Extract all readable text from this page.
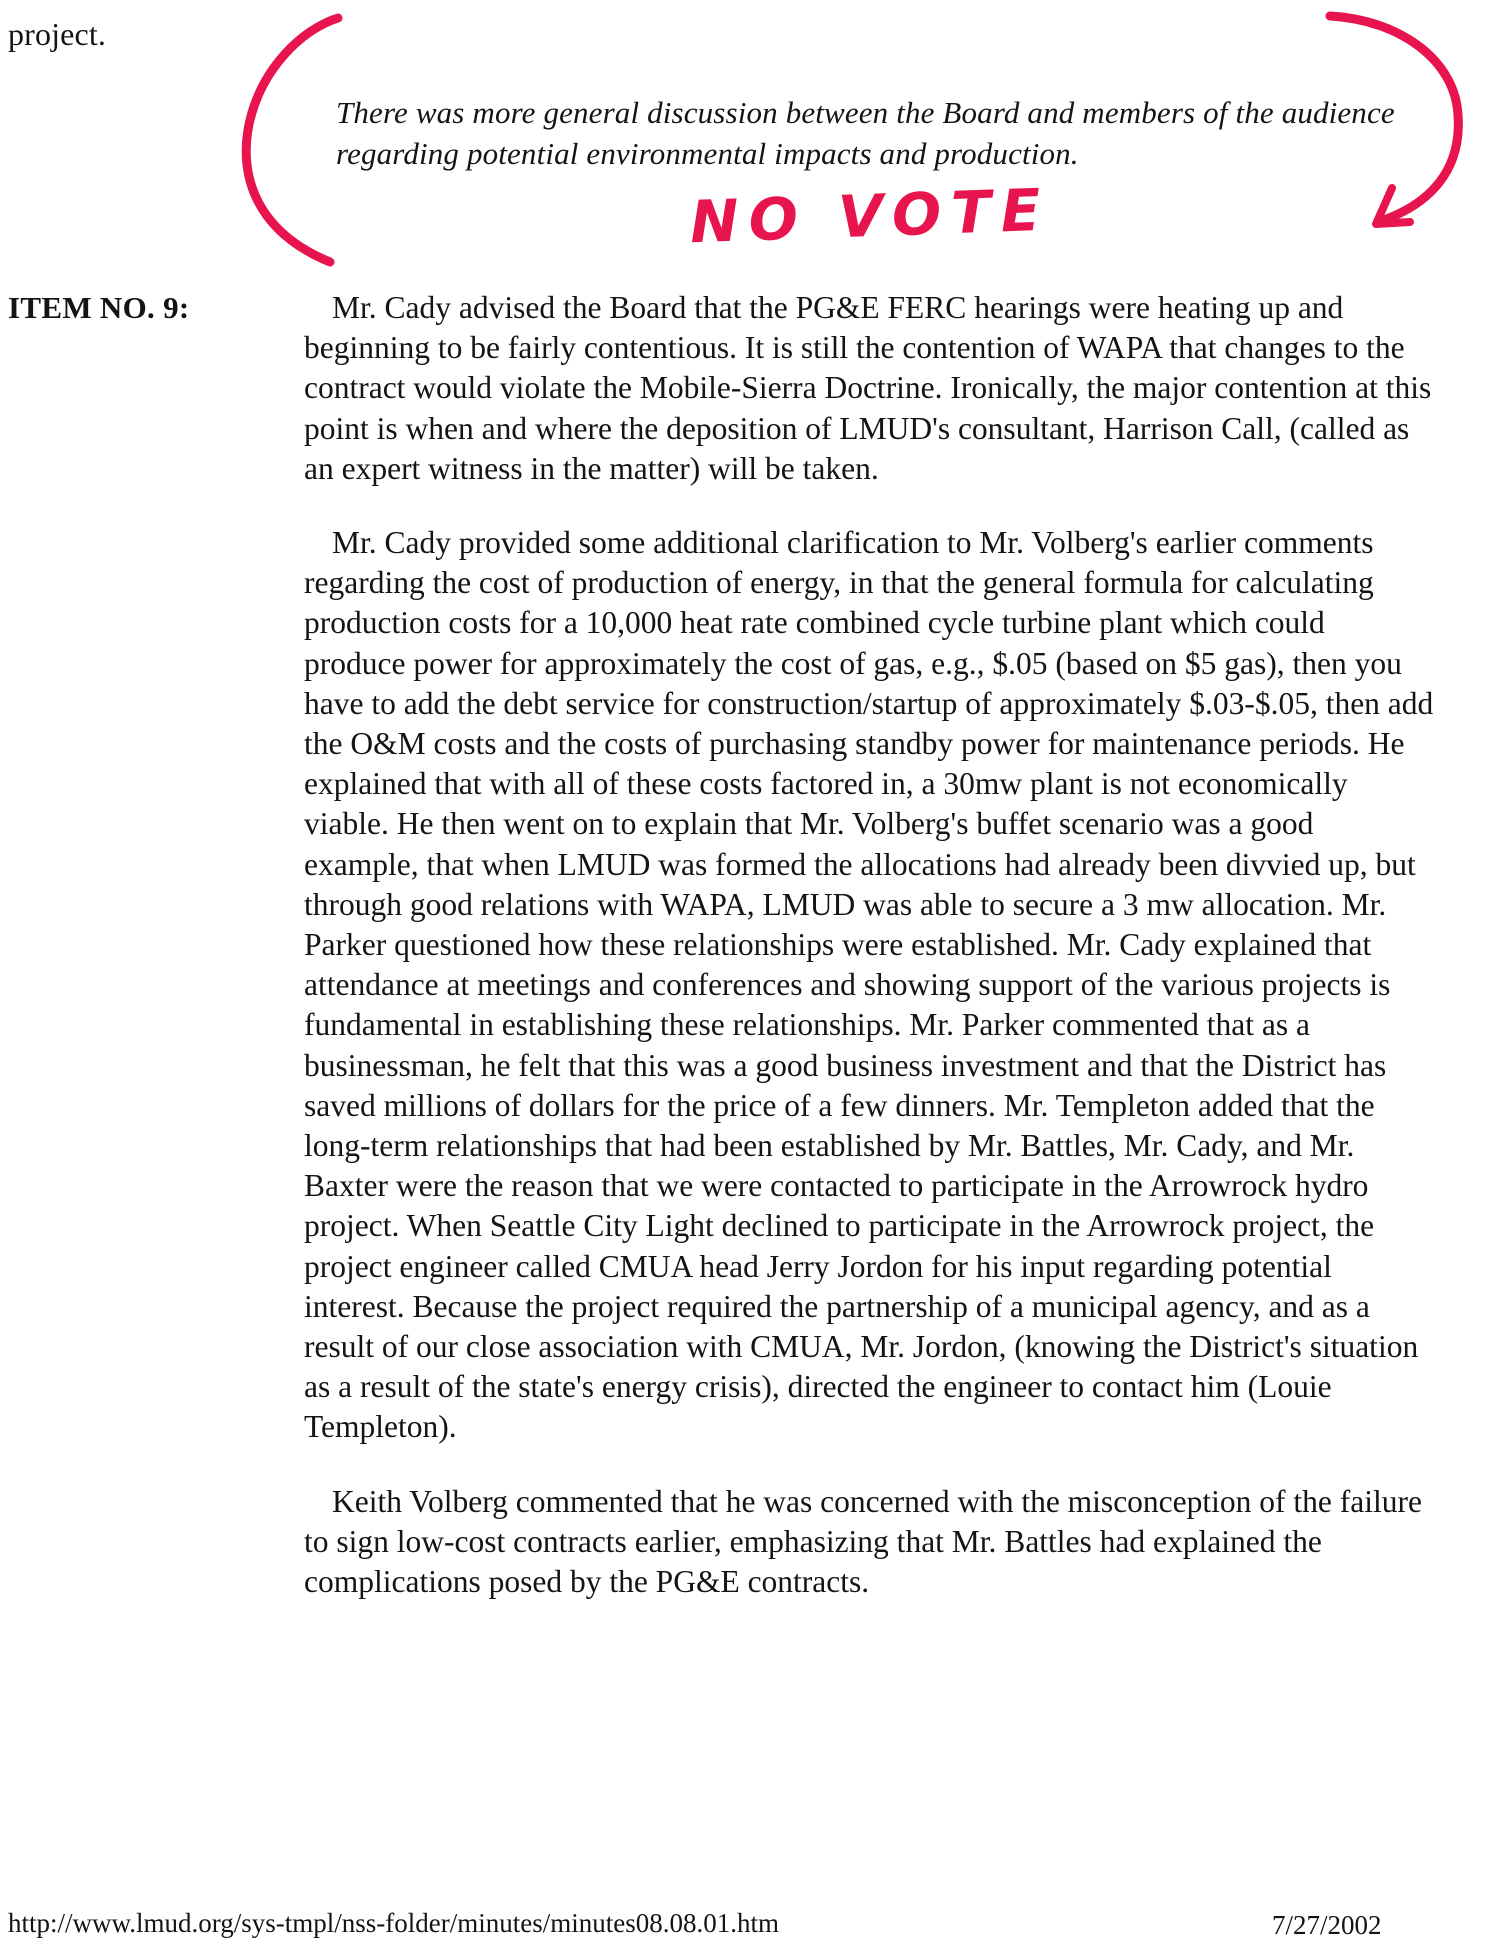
project.
There was more general discussion between the Board and members of the audience regarding potential environmental impacts and production.
NO VOTE
ITEM NO. 9:	Mr. Cady advised the Board that the PG&E FERC hearings were heating up and beginning to be fairly contentious. It is still the contention of WAPA that changes to the contract would violate the Mobile-Sierra Doctrine. Ironically, the major contention at this point is when and where the deposition of LMUD's consultant, Harrison Call, (called as an expert witness in the matter) will be taken.

Mr. Cady provided some additional clarification to Mr. Volberg's earlier comments regarding the cost of production of energy, in that the general formula for calculating production costs for a 10,000 heat rate combined cycle turbine plant which could produce power for approximately the cost of gas, e.g., $.05 (based on $5 gas), then you have to add the debt service for construction/startup of approximately $.03-$.05, then add the O&M costs and the costs of purchasing standby power for maintenance periods. He explained that with all of these costs factored in, a 30mw plant is not economically viable. He then went on to explain that Mr. Volberg's buffet scenario was a good example, that when LMUD was formed the allocations had already been divvied up, but through good relations with WAPA, LMUD was able to secure a 3 mw allocation. Mr. Parker questioned how these relationships were established. Mr. Cady explained that attendance at meetings and conferences and showing support of the various projects is fundamental in establishing these relationships. Mr. Parker commented that as a businessman, he felt that this was a good business investment and that the District has saved millions of dollars for the price of a few dinners. Mr. Templeton added that the long-term relationships that had been established by Mr. Battles, Mr. Cady, and Mr. Baxter were the reason that we were contacted to participate in the Arrowrock hydro project. When Seattle City Light declined to participate in the Arrowrock project, the project engineer called CMUA head Jerry Jordon for his input regarding potential interest. Because the project required the partnership of a municipal agency, and as a result of our close association with CMUA, Mr. Jordon, (knowing the District's situation as a result of the state's energy crisis), directed the engineer to contact him (Louie Templeton).

Keith Volberg commented that he was concerned with the misconception of the failure to sign low-cost contracts earlier, emphasizing that Mr. Battles had explained the complications posed by the PG&E contracts.

http://www.lmud.org/sys-tmpl/nss-folder/minutes/minutes08.08.01.htm	7/27/2002
